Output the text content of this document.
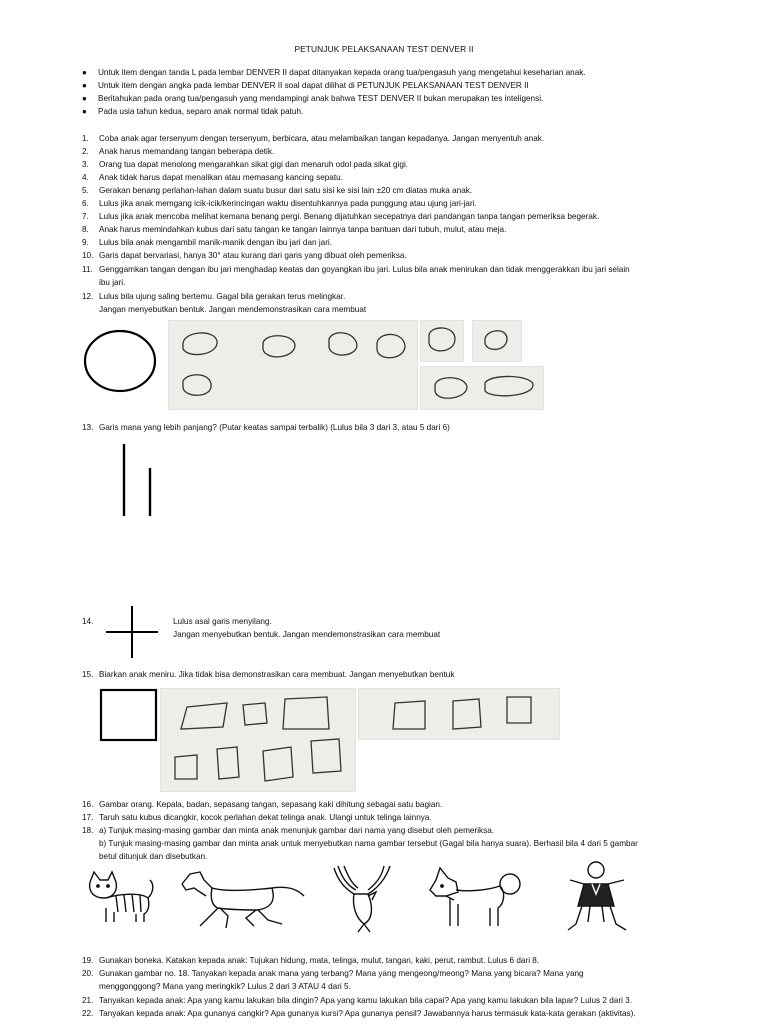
PETUNJUK PELAKSANAAN TEST DENVER II
● Untuk item dengan tanda L pada lembar DENVER II dapat ditanyakan kepada orang tua/pengasuh yang mengetahui keseharian anak.
● Untuk item dengan angka pada lembar DENVER II soal dapat dilihat di PETUNJUK PELAKSANAAN TEST DENVER II
● Beritahukan pada orang tua/pengasuh yang mendampingi anak bahwa TEST DENVER II bukan merupakan tes inteligensi.
● Pada usia tahun kedua, separo anak normal tidak patuh.
1. Coba anak agar tersenyum dengan tersenyum, berbicara, atau melambaikan tangan kepadanya. Jangan menyentuh anak.
2. Anak harus memandang tangan beberapa detik.
3. Orang tua dapat menolong mengarahkan sikat gigi dan menaruh odol pada sikat gigi.
4. Anak tidak harus dapat menalikan atau memasang kancing sepatu.
5. Gerakan benang perlahan-lahan dalam suatu busur dari satu sisi ke sisi lain ±20 cm diatas muka anak.
6. Lulus jika anak memgang icik-icik/kerincingan waktu disentuhkannya pada punggung atau ujung jari-jari.
7. Lulus jika anak mencoba melihat kemana benang pergi. Benang dijatuhkan secepatnya dari pandangan tanpa tangan pemeriksa begerak.
8. Anak harus memindahkan kubus dari satu tangan ke tangan lainnya tanpa bantuan dari tubuh, mulut, atau meja.
9. Lulus bila anak mengambil manik-manik dengan ibu jari dan jari.
10. Garis dapat bervariasi, hanya 30° atau kurang dari garis yang dibuat oleh pemeriksa.
11. Genggamkan tangan dengan ibu jari menghadap keatas dan goyangkan ibu jari. Lulus bila anak menirukan dan tidak menggerakkan ibu jari selain
ibu jari.
12. Lulus bila ujung saling bertemu. Gagal bila gerakan terus melingkar.
Jangan menyebutkan bentuk. Jangan mendemonstrasikan cara membuat
13. Garis mana yang lebih panjang? (Putar keatas sampai terbalik) (Lulus bila 3 dari 3, atau 5 dari 6)
14.	Lulus asal garis menyilang.
Jangan menyebutkan bentuk. Jangan mendemonstrasikan cara membuat
15. Biarkan anak meniru. Jika tidak bisa demonstrasikan cara membuat. Jangan menyebutkan bentuk
16. Gambar orang. Kepala, badan, sepasang tangan, sepasang kaki dihitung sebagai satu bagian.
17. Taruh satu kubus dicangkir, kocok perlahan dekat telinga anak. Ulangi untuk telinga lainnya.
18. a) Tunjuk masing-masing gambar dan minta anak menunjuk gambar dari nama yang disebut oleh pemeriksa.
b) Tunjuk masing-masing gambar dan minta anak untuk menyebutkan nama gambar tersebut (Gagal bila hanya suara). Berhasil bila 4 dari 5 gambar
betul ditunjuk dan disebutkan.
19. Gunakan boneka. Katakan kepada anak: Tujukan hidung, mata, telinga, mulut, tangan, kaki, perut, rambut. Lulus 6 dari 8.
20. Gunakan gambar no. 18. Tanyakan kepada anak mana yang terbang? Mana yang mengeong/meong? Mana yang bicara? Mana yang
menggonggong? Mana yang meringkik? Lulus 2 dari 3 ATAU 4 dari 5.
21. Tanyakan kepada anak: Apa yang kamu lakukan bila dingin? Apa yang kamu lakukan bila capai? Apa yang kamu lakukan bila lapar? Lulus 2 dari 3.
22. Tanyakan kepada anak: Apa gunanya cangkir? Apa gunanya kursi? Apa gunanya pensil? Jawabannya harus termasuk kata-kata gerakan (aktivitas).
